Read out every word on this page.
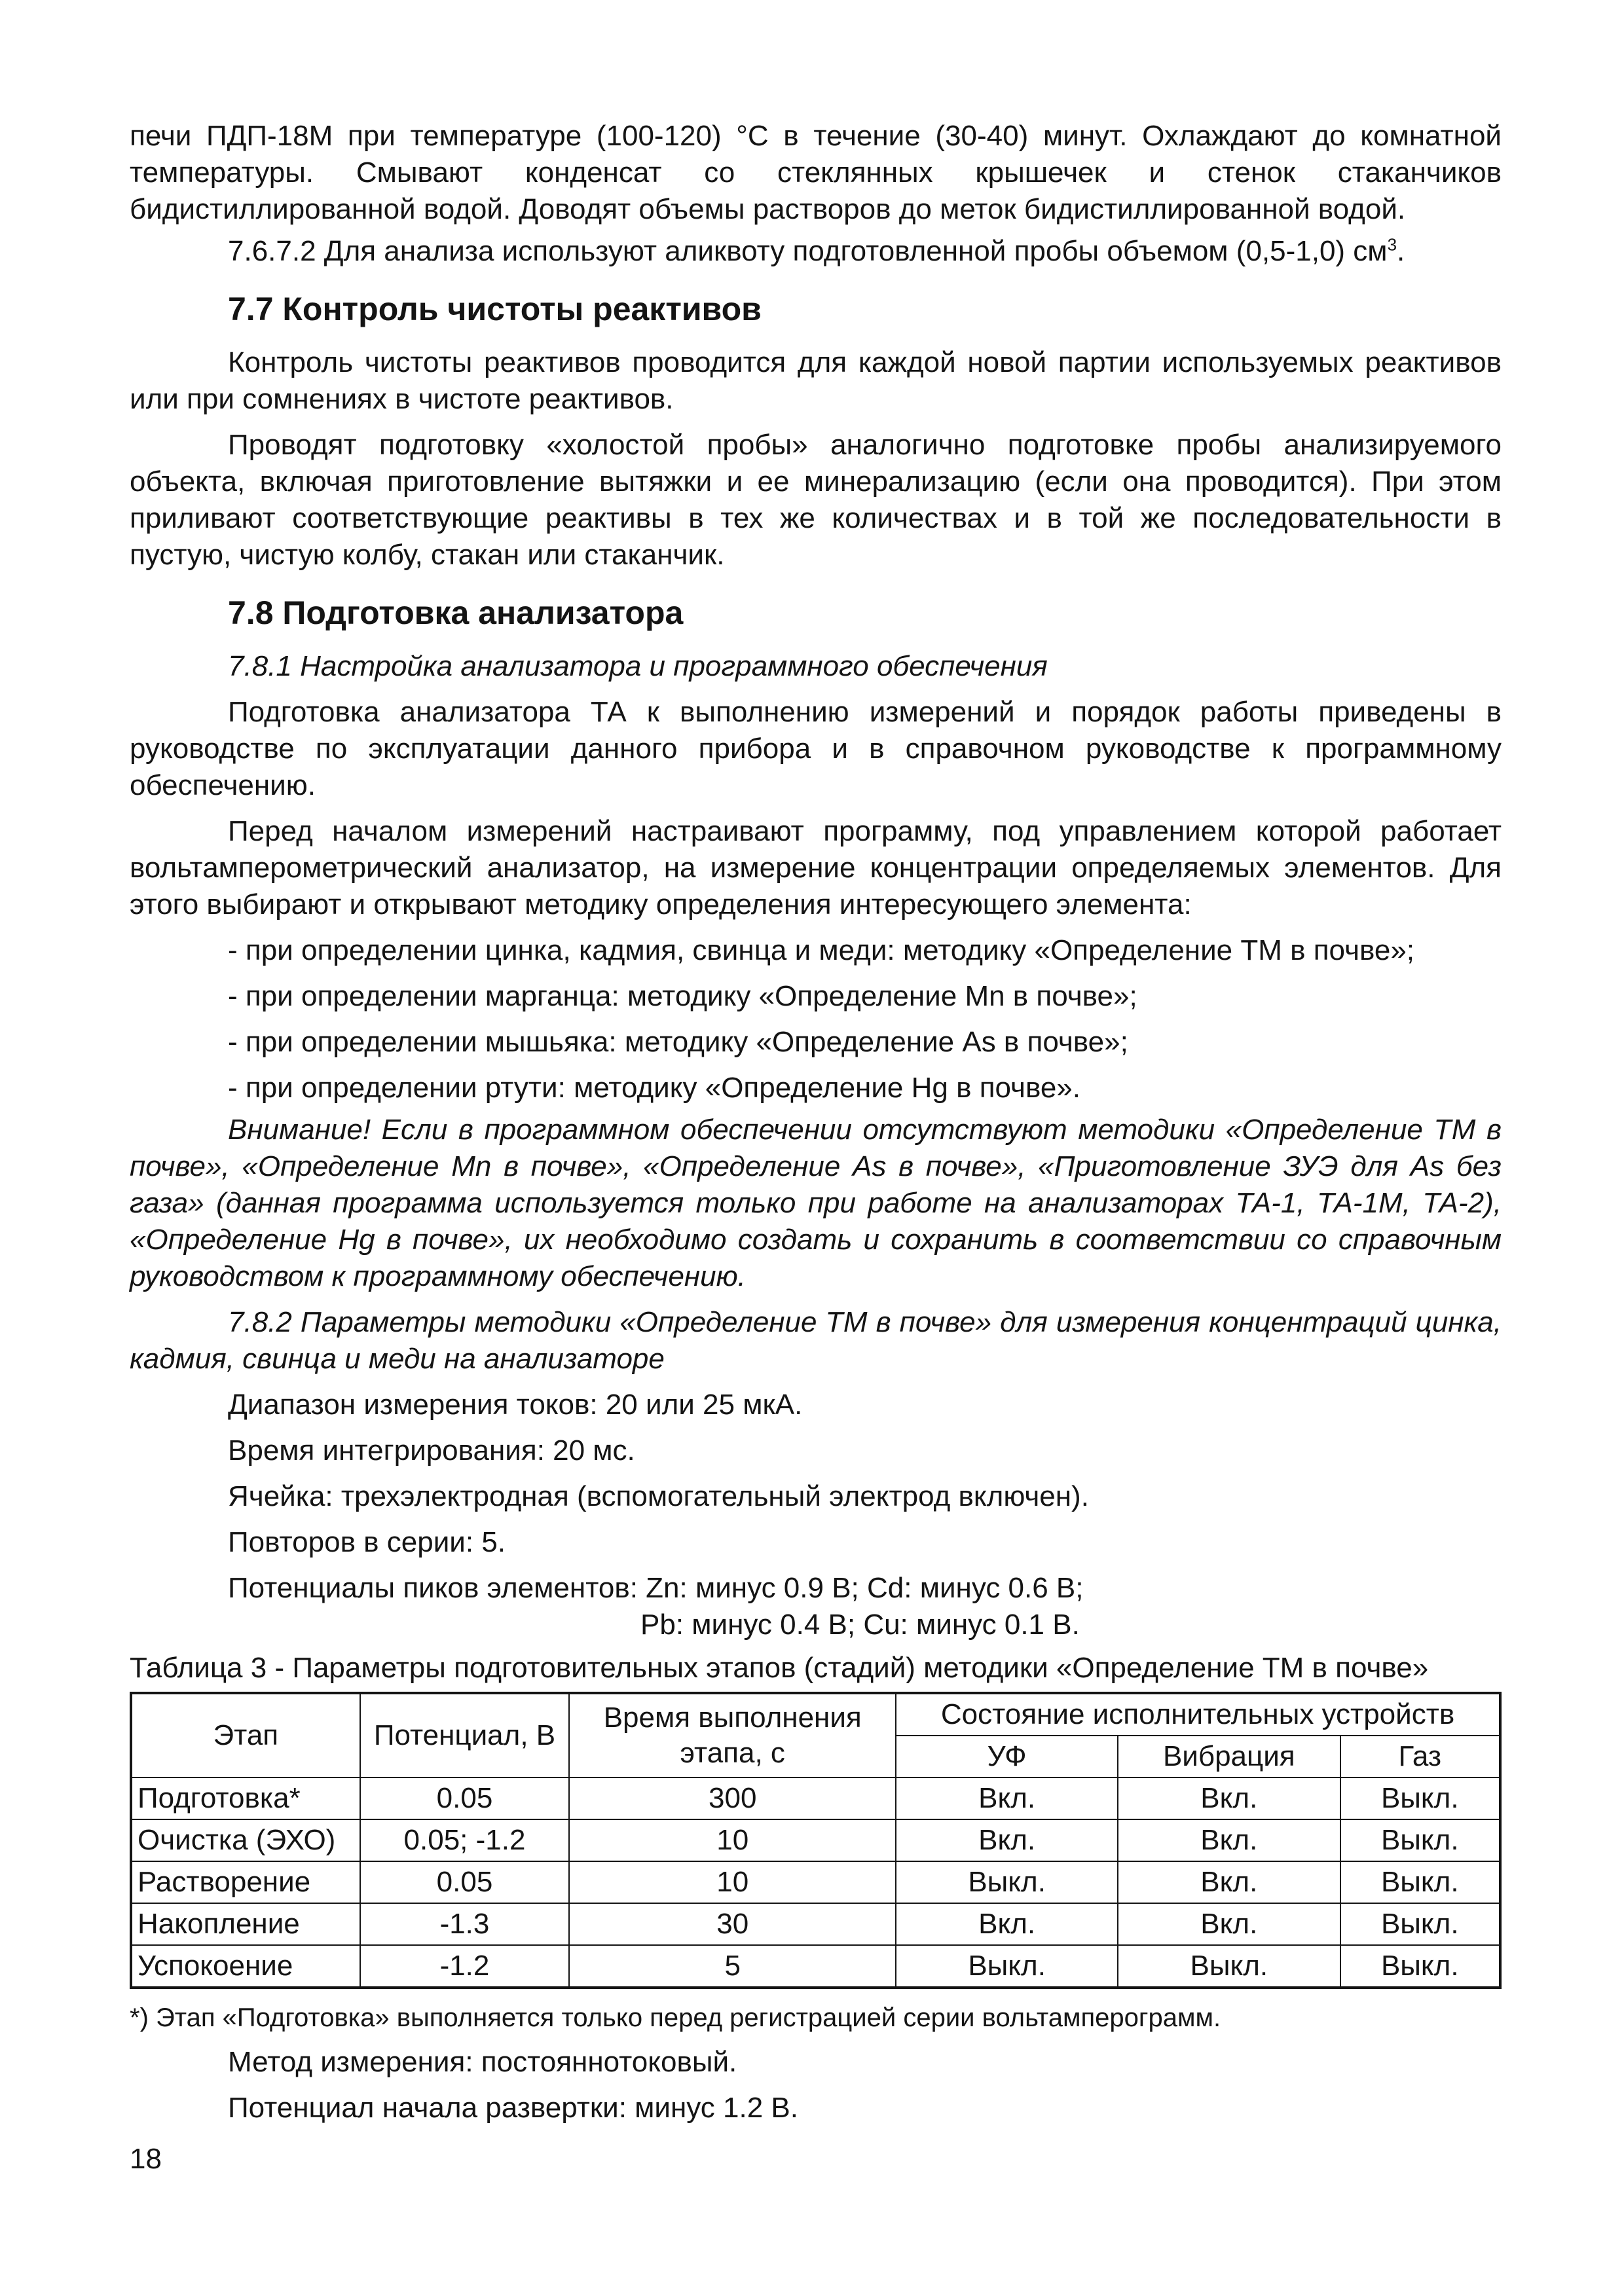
печи ПДП-18М при температуре (100-120) °С в течение (30-40) минут. Охлаждают до комнатной температуры. Смывают конденсат со стеклянных крышечек и стенок стаканчиков бидистиллированной водой. Доводят объемы растворов до меток бидистиллированной водой.

7.6.7.2 Для анализа используют аликвоту подготовленной пробы объемом (0,5-1,0) $см^3$.

7.7 Контроль чистоты реактивов

Контроль чистоты реактивов проводится для каждой новой партии используемых реактивов или при сомнениях в чистоте реактивов.

Проводят подготовку «холостой пробы» аналогично подготовке пробы анализируемого объекта, включая приготовление вытяжки и ее минерализацию (если она проводится). При этом приливают соответствующие реактивы в тех же количествах и в той же последовательности в пустую, чистую колбу, стакан или стаканчик.

7.8 Подготовка анализатора

7.8.1 Настройка анализатора и программного обеспечения

Подготовка анализатора ТА к выполнению измерений и порядок работы приведены в руководстве по эксплуатации данного прибора и в справочном руководстве к программному обеспечению.

Перед началом измерений настраивают программу, под управлением которой работает вольтамперометрический анализатор, на измерение концентрации определяемых элементов. Для этого выбирают и открывают методику определения интересующего элемента:

- при определении цинка, кадмия, свинца и меди: методику «Определение ТМ в почве»;

- при определении марганца: методику «Определение Mn в почве»;

- при определении мышьяка: методику «Определение As в почве»;

- при определении ртути: методику «Определение Hg в почве».

Внимание! Если в программном обеспечении отсутствуют методики «Определение ТМ в почве», «Определение Mn в почве», «Определение As в почве», «Приготовление ЗУЭ для As без газа» (данная программа используется только при работе на анализаторах ТА-1, ТА-1М, ТА-2), «Определение Hg в почве», их необходимо создать и сохранить в соответствии со справочным руководством к программному обеспечению.

7.8.2 Параметры методики «Определение ТМ в почве» для измерения концентраций цинка, кадмия, свинца и меди на анализаторе

Диапазон измерения токов: 20 или 25 мкА.

Время интегрирования: 20 мс.

Ячейка: трехэлектродная (вспомогательный электрод включен).

Повторов в серии: 5.

Потенциалы пиков элементов: Zn: минус 0.9 В; Cd: минус 0.6 В;

Pb: минус 0.4 В; Cu: минус 0.1 В.

Таблица 3 - Параметры подготовительных этапов (стадий) методики «Определение ТМ в почве»

Этап	Потенциал, В	Время выполнения этапа, с	Состояние исполнительных устройств		
			УФ	Вибрация	Газ
Подготовка*	0.05	300	Вкл.	Вкл.	Выкл.
Очистка (ЭХО)	0.05; -1.2	10	Вкл.	Вкл.	Выкл.
Растворение	0.05	10	Выкл.	Вкл.	Выкл.
Накопление	-1.3	30	Вкл.	Вкл.	Выкл.
Успокоение	-1.2	5	Выкл.	Выкл.	Выкл.

*) Этап «Подготовка» выполняется только перед регистрацией серии вольтамперограмм.

Метод измерения: постояннотоковый.

Потенциал начала развертки: минус 1.2 В.

18
